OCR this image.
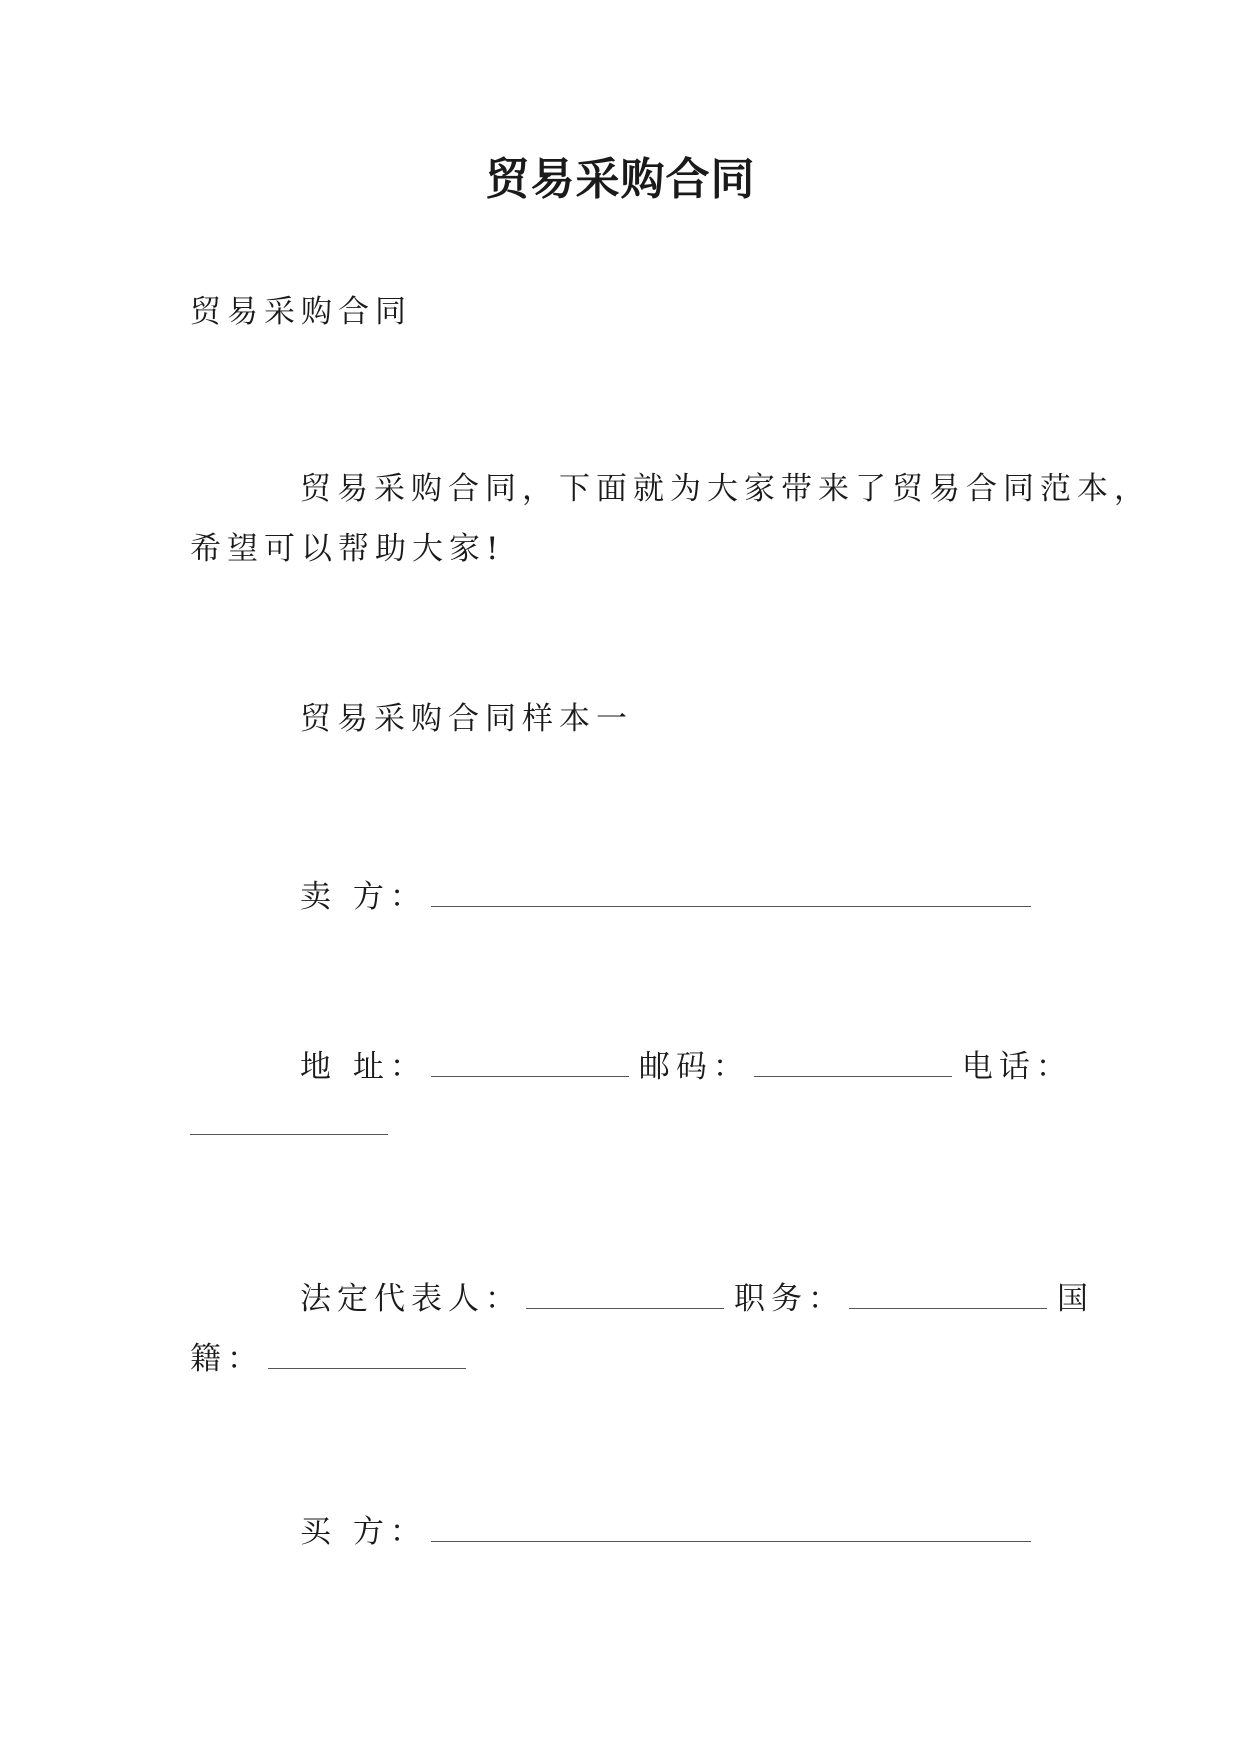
贸易采购合同
贸易采购合同
贸易采购合同，下面就为大家带来了贸易合同范本，
希望可以帮助大家!
贸易采购合同样本一
卖 方：
地 址：	邮码：	电话：
法定代表人：	职务：	国
籍：
买 方：
